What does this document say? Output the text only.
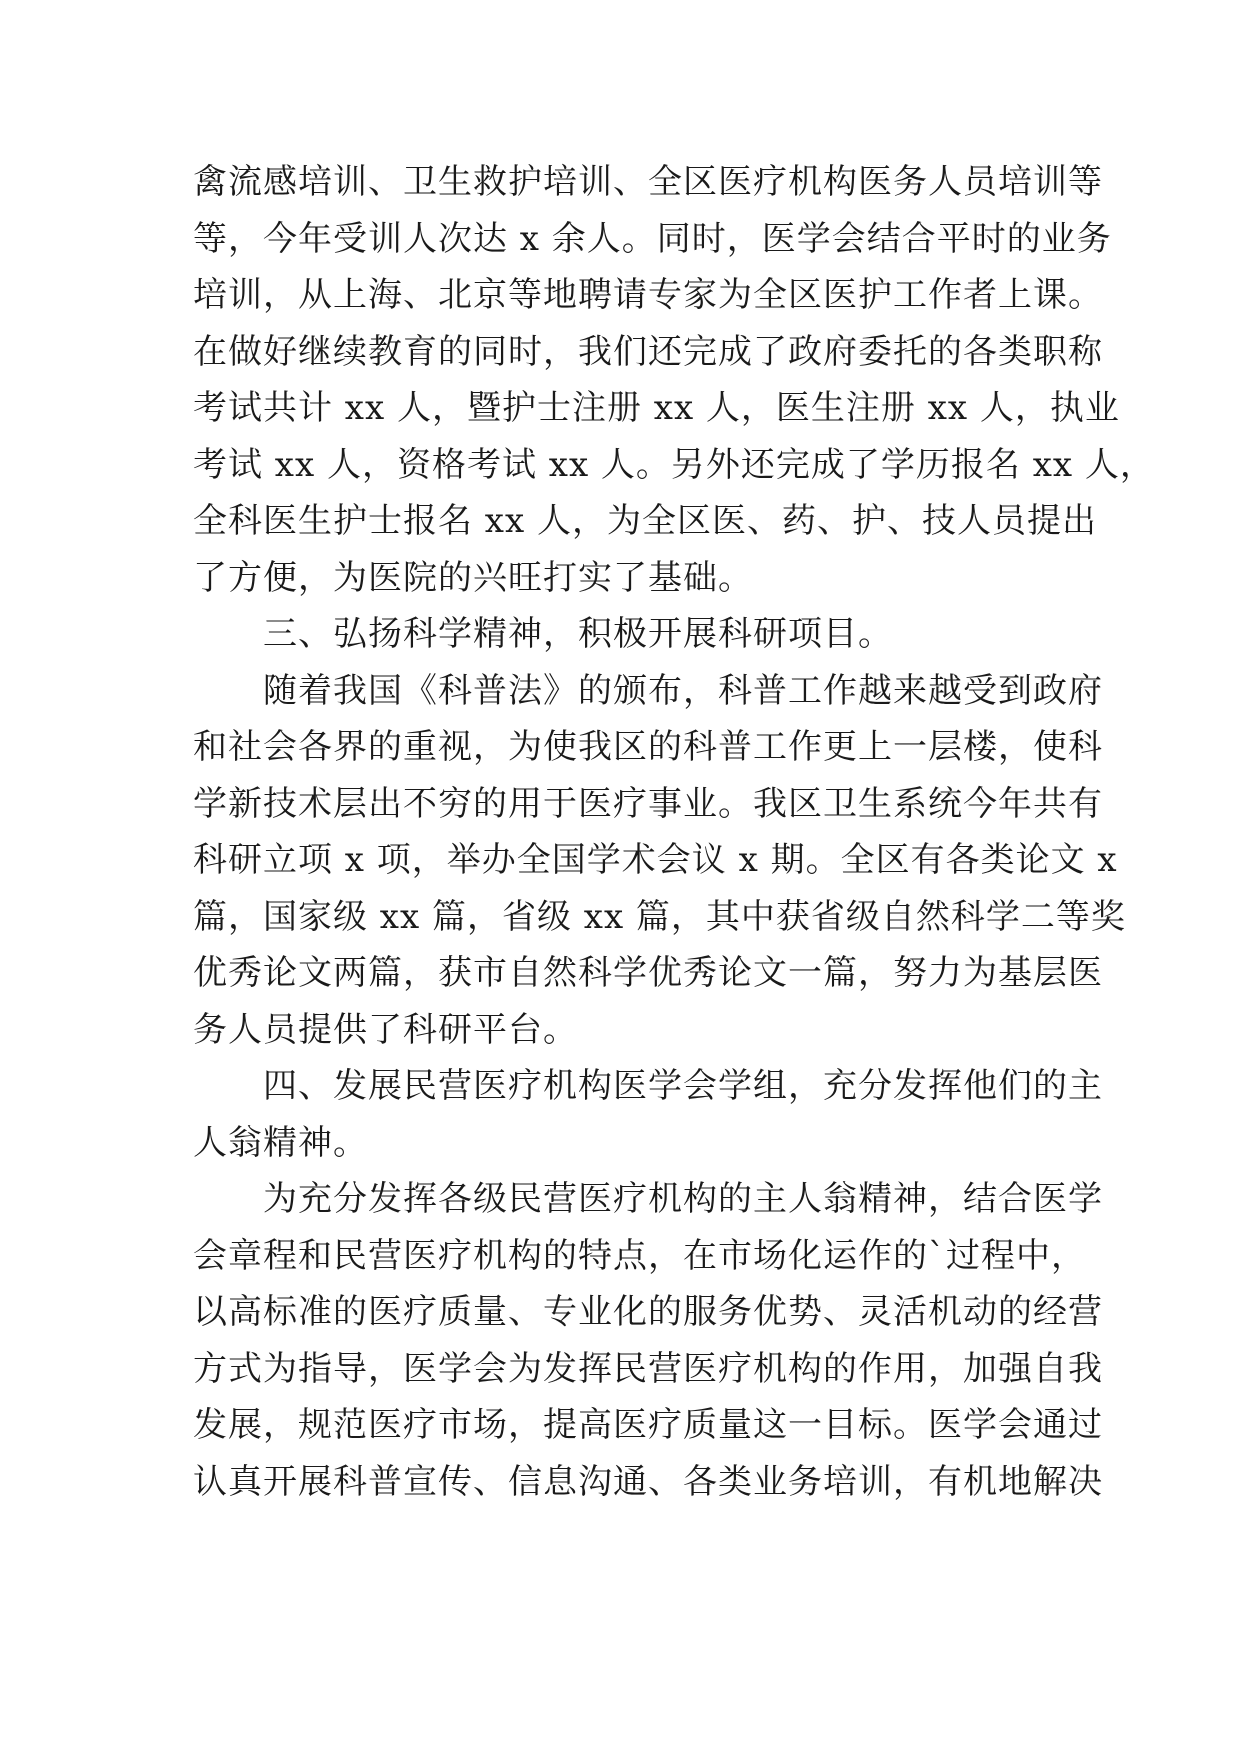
禽流感培训、卫生救护培训、全区医疗机构医务人员培训等
等，今年受训人次达 x 余人。同时，医学会结合平时的业务
培训，从上海、北京等地聘请专家为全区医护工作者上课。
在做好继续教育的同时，我们还完成了政府委托的各类职称
考试共计 xx 人，暨护士注册 xx 人，医生注册 xx 人，执业
考试 xx 人，资格考试 xx 人。另外还完成了学历报名 xx 人，
全科医生护士报名 xx 人，为全区医、药、护、技人员提出
了方便，为医院的兴旺打实了基础。
　　三、弘扬科学精神，积极开展科研项目。
　　随着我国《科普法》的颁布，科普工作越来越受到政府
和社会各界的重视，为使我区的科普工作更上一层楼，使科
学新技术层出不穷的用于医疗事业。我区卫生系统今年共有
科研立项 x 项，举办全国学术会议 x 期。全区有各类论文 x
篇，国家级 xx 篇，省级 xx 篇，其中获省级自然科学二等奖
优秀论文两篇，获市自然科学优秀论文一篇，努力为基层医
务人员提供了科研平台。
　　四、发展民营医疗机构医学会学组，充分发挥他们的主
人翁精神。
　　为充分发挥各级民营医疗机构的主人翁精神，结合医学
会章程和民营医疗机构的特点，在市场化运作的`过程中，
以高标准的医疗质量、专业化的服务优势、灵活机动的经营
方式为指导，医学会为发挥民营医疗机构的作用，加强自我
发展，规范医疗市场，提高医疗质量这一目标。医学会通过
认真开展科普宣传、信息沟通、各类业务培训，有机地解决
